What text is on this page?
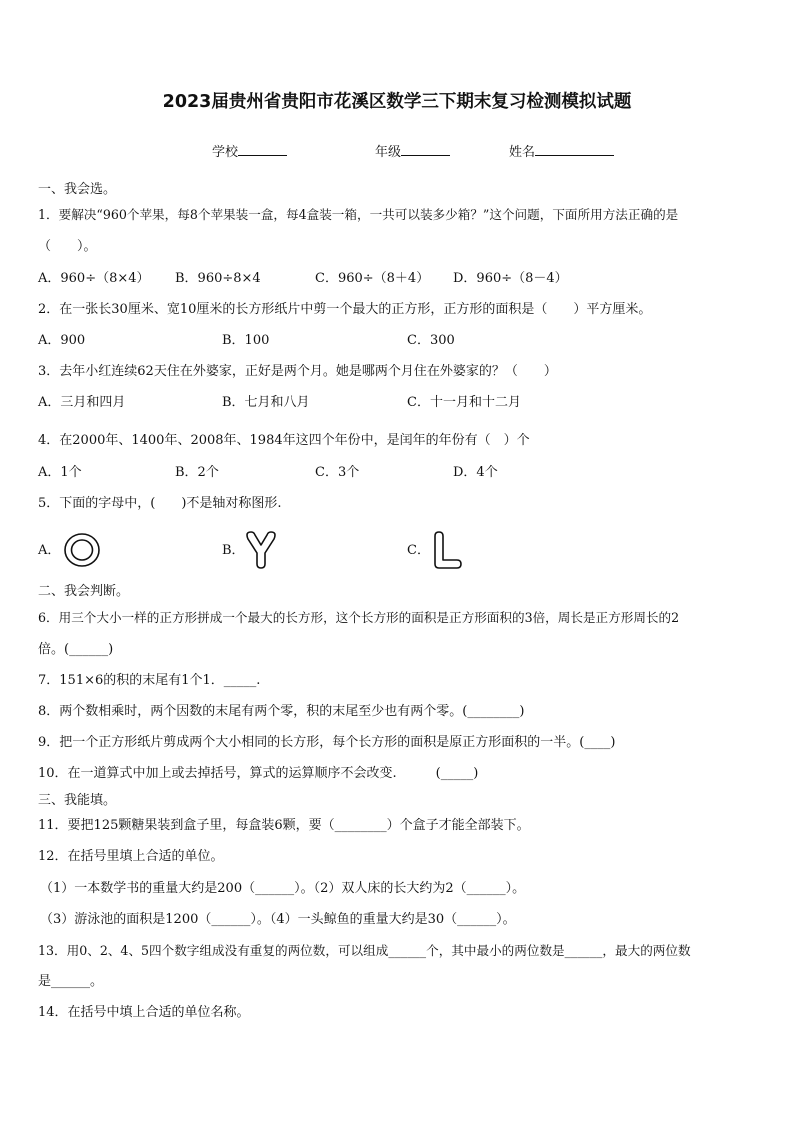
2023届贵州省贵阳市花溪区数学三下期末复习检测模拟试题
学校	年级	姓名
一、我会选。
1．要解决“960个苹果，每8个苹果装一盒，每4盒装一箱，一共可以装多少箱？”这个问题，下面所用方法正确的是
（　　）。
A．960÷（8×4） B．960÷8×4	C．960÷（8＋4） D．960÷（8－4）
2．在一张长30厘米、宽10厘米的长方形纸片中剪一个最大的正方形，正方形的面积是（　　）平方厘米。
A．900	B．100	C．300
3．去年小红连续62天住在外婆家，正好是两个月。她是哪两个月住在外婆家的？（　　）
A．三月和四月	B．七月和八月	C．十一月和十二月
4．在2000年、1400年、2008年、1984年这四个年份中，是闰年的年份有（　）个
A．1个	B．2个	C．3个	D．4个
5．下面的字母中，(　　)不是轴对称图形.
A．	B．	C．
二、我会判断。
6．用三个大小一样的正方形拼成一个最大的长方形，这个长方形的面积是正方形面积的3倍，周长是正方形周长的2
倍。(______)
7．151×6的积的末尾有1个1．_____.
8．两个数相乘时，两个因数的末尾有两个零，积的末尾至少也有两个零。(________)
9．把一个正方形纸片剪成两个大小相同的长方形，每个长方形的面积是原正方形面积的一半。(____)
10．在一道算式中加上或去掉括号，算式的运算顺序不会改变.　　　(_____)
三、我能填。
11．要把125颗糖果装到盒子里，每盒装6颗，要（________）个盒子才能全部装下。
12．在括号里填上合适的单位。
（1）一本数学书的重量大约是200（______）。（2）双人床的长大约为2（______）。
（3）游泳池的面积是1200（______）。（4）一头鲸鱼的重量大约是30（______）。
13．用0、2、4、5四个数字组成没有重复的两位数，可以组成______个，其中最小的两位数是______，最大的两位数
是______。
14．在括号中填上合适的单位名称。
